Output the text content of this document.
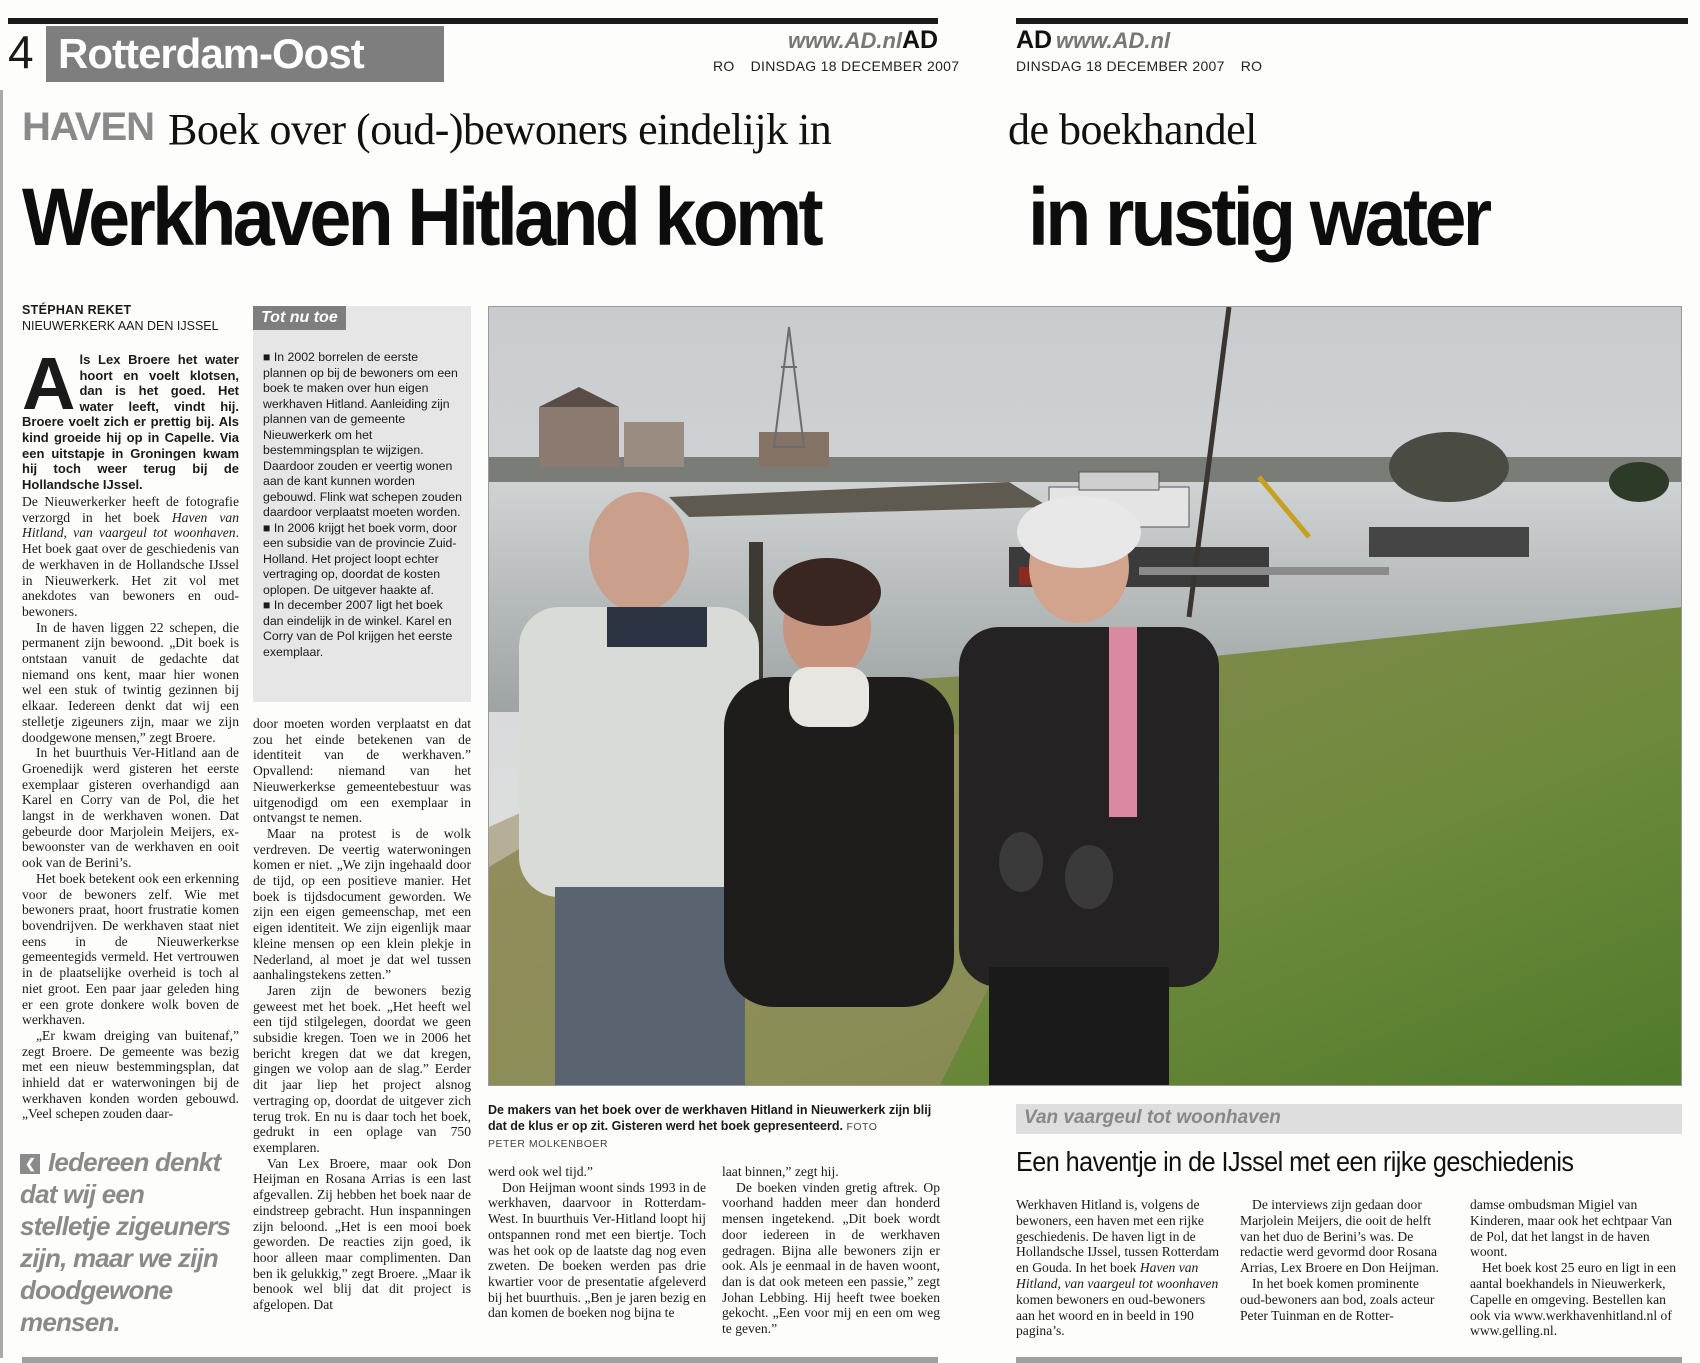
4 Rotterdam-Oost	www.AD.nl AD
RO DINSDAG 18 DECEMBER 2007
AD www.AD.nl
DINSDAG 18 DECEMBER 2007 RO
HAVEN Boek over (oud-)bewoners eindelijk in	de boekhandel
Werkhaven Hitland komt	in rustig water
STÉPHAN REKET
NIEUWERKERK AAN DEN IJSSEL
Als Lex Broere het water hoort en voelt klotsen, dan is het goed. Het water leeft, vindt hij. Broere voelt zich er prettig bij. Als kind groeide hij op in Capelle. Via een uitstapje in Groningen kwam hij toch weer terug bij de Hollandsche IJssel.

De Nieuwerkerker heeft de fotografie verzorgd in het boek Haven van Hitland, van vaargeul tot woonhaven. Het boek gaat over de geschiedenis van de werkhaven in de Hollandsche IJssel in Nieuwerkerk. Het zit vol met anekdotes van bewoners en oud-bewoners.

In de haven liggen 22 schepen, die permanent zijn bewoond. „Dit boek is ontstaan vanuit de gedachte dat niemand ons kent, maar hier wonen wel een stuk of twintig gezinnen bij elkaar. Iedereen denkt dat wij een stelletje zigeuners zijn, maar we zijn doodgewone mensen,” zegt Broere.

In het buurthuis Ver-Hitland aan de Groenedijk werd gisteren het eerste exemplaar gisteren overhandigd aan Karel en Corry van de Pol, die het langst in de werkhaven wonen. Dat gebeurde door Marjolein Meijers, ex-bewoonster van de werkhaven en ooit ook van de Berini’s.

Het boek betekent ook een erkenning voor de bewoners zelf. Wie met bewoners praat, hoort frustratie komen bovendrijven. De werkhaven staat niet eens in de Nieuwerkerkse gemeentegids vermeld. Het vertrouwen in de plaatselijke overheid is toch al niet groot. Een paar jaar geleden hing er een grote donkere wolk boven de werkhaven.

„Er kwam dreiging van buitenaf,” zegt Broere. De gemeente was bezig met een nieuw bestemmingsplan, dat inhield dat er waterwoningen bij de werkhaven konden worden gebouwd. „Veel schepen zouden daar-

Tot nu toe

■ In 2002 borrelen de eerste plannen op bij de bewoners om een boek te maken over hun eigen werkhaven Hitland. Aanleiding zijn plannen van de gemeente Nieuwerkerk om het bestemmingsplan te wijzigen. Daardoor zouden er veertig wonen aan de kant kunnen worden gebouwd. Flink wat schepen zouden daardoor verplaatst moeten worden.

■ In 2006 krijgt het boek vorm, door een subsidie van de provincie Zuid-Holland. Het project loopt echter vertraging op, doordat de kosten oplopen. De uitgever haakte af.

■ In december 2007 ligt het boek dan eindelijk in de winkel. Karel en Corry van de Pol krijgen het eerste exemplaar.

door moeten worden verplaatst en dat zou het einde betekenen van de identiteit van de werkhaven.” Opvallend: niemand van het Nieuwerkerkse gemeentebestuur was uitgenodigd om een exemplaar in ontvangst te nemen.

Maar na protest is de wolk verdreven. De veertig waterwoningen komen er niet. „We zijn ingehaald door de tijd, op een positieve manier. Het boek is tijdsdocument geworden. We zijn een eigen gemeenschap, met een eigen identiteit. We zijn eigenlijk maar kleine mensen op een klein plekje in Nederland, al moet je dat wel tussen aanhalingstekens zetten.”

Jaren zijn de bewoners bezig geweest met het boek. „Het heeft wel een tijd stilgelegen, doordat we geen subsidie kregen. Toen we in 2006 het bericht kregen dat we dat kregen, gingen we volop aan de slag.” Eerder dit jaar liep het project alsnog vertraging op, doordat de uitgever zich terug trok. En nu is daar toch het boek, gedrukt in een oplage van 750 exemplaren.

Van Lex Broere, maar ook Don Heijman en Rosana Arrias is een last afgevallen. Zij hebben het boek naar de eindstreep gebracht. Hun inspanningen zijn beloond. „Het is een mooi boek geworden. De reacties zijn goed, ik hoor alleen maar complimenten. Dan ben ik gelukkig,” zegt Broere. „Maar ik benook wel blij dat dit project is afgelopen. Dat

❮ Iedereen denkt dat wij een stelletje zigeuners zijn, maar we zijn doodgewone mensen.
De makers van het boek over de werkhaven Hitland in Nieuwerkerk zijn blij dat de klus er op zit. Gisteren werd het boek gepresenteerd. FOTO
PETER MOLKENBOER

werd ook wel tijd.”

Don Heijman woont sinds 1993 in de werkhaven, daarvoor in Rotterdam-West. In buurthuis Ver-Hitland loopt hij ontspannen rond met een biertje. Toch was het ook op de laatste dag nog even zweten. De boeken werden pas drie kwartier voor de presentatie afgeleverd bij het buurthuis. „Ben je jaren bezig en dan komen de boeken nog bijna te

laat binnen,” zegt hij.

De boeken vinden gretig aftrek. Op voorhand hadden meer dan honderd mensen ingetekend. „Dit boek wordt door iedereen in de werkhaven gedragen. Bijna alle bewoners zijn er ook. Als je eenmaal in de haven woont, dan is dat ook meteen een passie,” zegt Johan Lebbing. Hij heeft twee boeken gekocht. „Een voor mij en een om weg te geven.”

Van vaargeul tot woonhaven
Een haventje in de IJssel met een rijke geschiedenis

Werkhaven Hitland is, volgens de bewoners, een haven met een rijke geschiedenis. De haven ligt in de Hollandsche IJssel, tussen Rotterdam en Gouda. In het boek Haven van Hitland, van vaargeul tot woonhaven komen bewoners en oud-bewoners aan het woord en in beeld in 190 pagina’s.

De interviews zijn gedaan door Marjolein Meijers, die ooit de helft van het duo de Berini’s was. De redactie werd gevormd door Rosana Arrias, Lex Broere en Don Heijman.

In het boek komen prominente oud-bewoners aan bod, zoals acteur Peter Tuinman en de Rotter-

damse ombudsman Migiel van Kinderen, maar ook het echtpaar Van de Pol, dat het langst in de haven woont.

Het boek kost 25 euro en ligt in een aantal boekhandels in Nieuwerkerk, Capelle en omgeving. Bestellen kan ook via www.werkhavenhitland.nl of www.gelling.nl.
